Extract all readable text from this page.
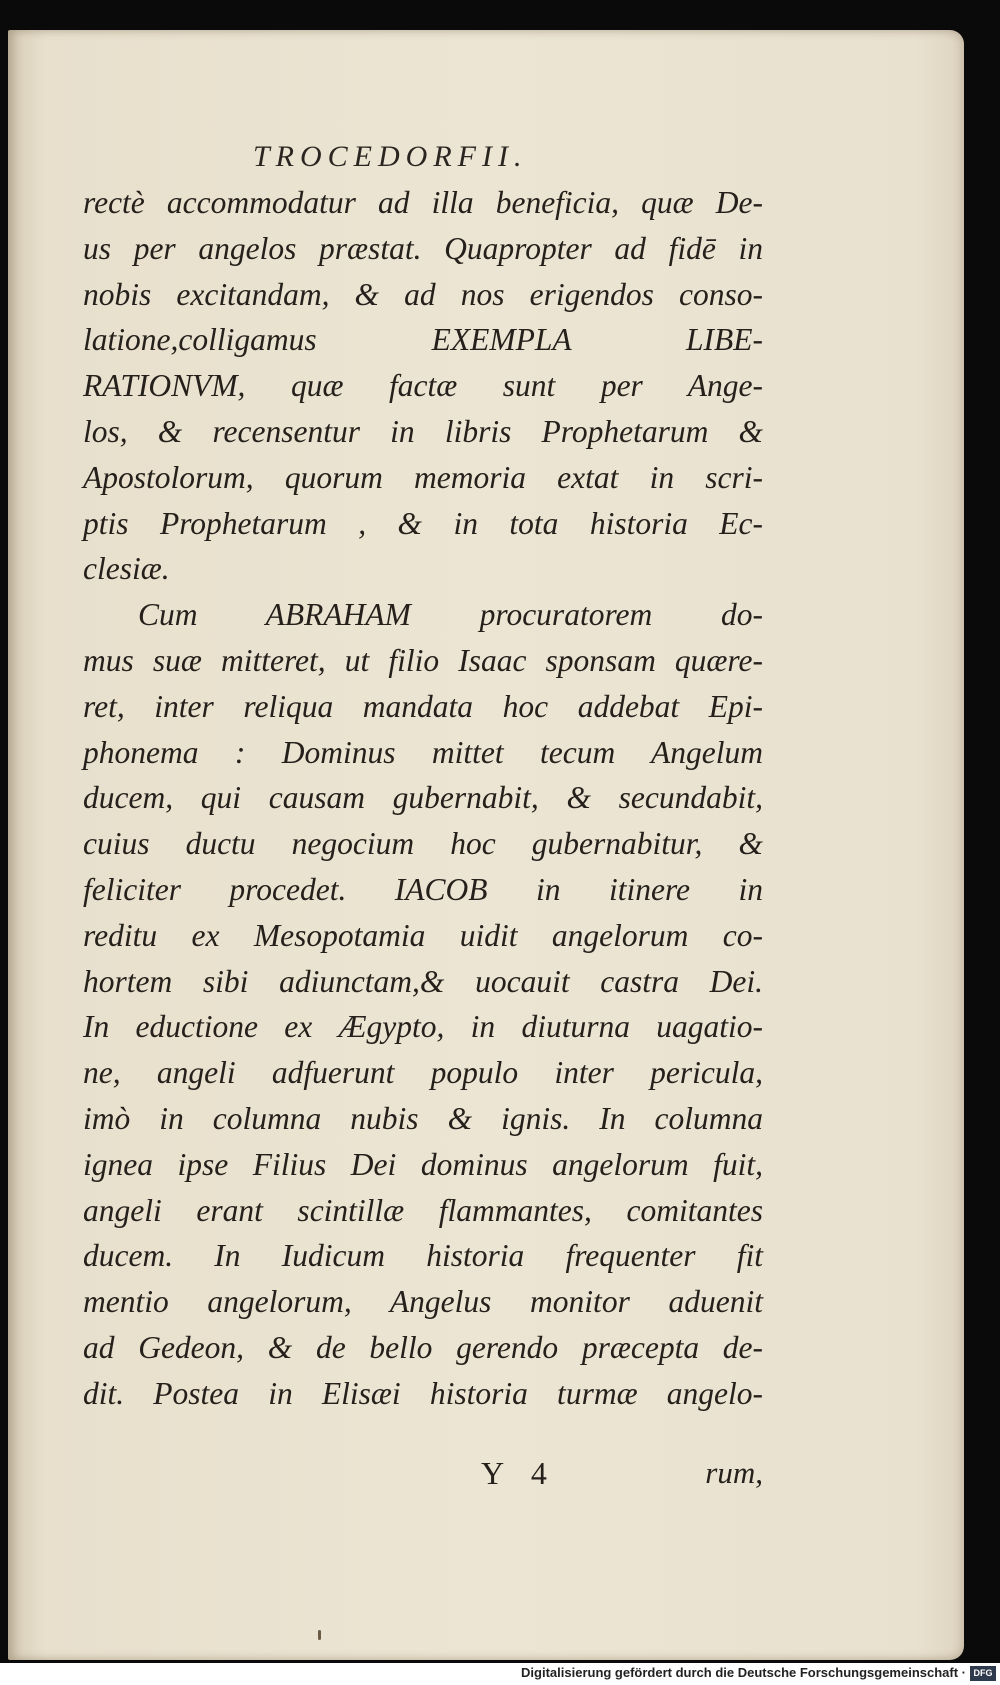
TROCEDORFII.
rectè accommodatur ad illa beneficia, quæ De-
us per angelos præstat. Quapropter ad fidē in
nobis excitandam, & ad nos erigendos conso-
latione,colligamus EXEMPLA LIBE-
RATIONVM, quæ factæ sunt per Ange-
los, & recensentur in libris Prophetarum &
Apostolorum, quorum memoria extat in scri-
ptis Prophetarum , & in tota historia Ec-
clesiæ.
Cum ABRAHAM procuratorem do-
mus suæ mitteret, ut filio Isaac sponsam quære-
ret, inter reliqua mandata hoc addebat Epi-
phonema : Dominus mittet tecum Angelum
ducem, qui causam gubernabit, & secundabit,
cuius ductu negocium hoc gubernabitur, &
feliciter procedet. IACOB in itinere in
reditu ex Mesopotamia uidit angelorum co-
hortem sibi adiunctam,& uocauit castra Dei.
In eductione ex Ægypto, in diuturna uagatio-
ne, angeli adfuerunt populo inter pericula,
imò in columna nubis & ignis. In columna
ignea ipse Filius Dei dominus angelorum fuit,
angeli erant scintillæ flammantes, comitantes
ducem. In Iudicum historia frequenter fit
mentio angelorum, Angelus monitor aduenit
ad Gedeon, & de bello gerendo præcepta de-
dit. Postea in Elisæi historia turmæ angelo-
Y 4	rum,
Digitalisierung gefördert durch die Deutsche Forschungsgemeinschaft · DFG
